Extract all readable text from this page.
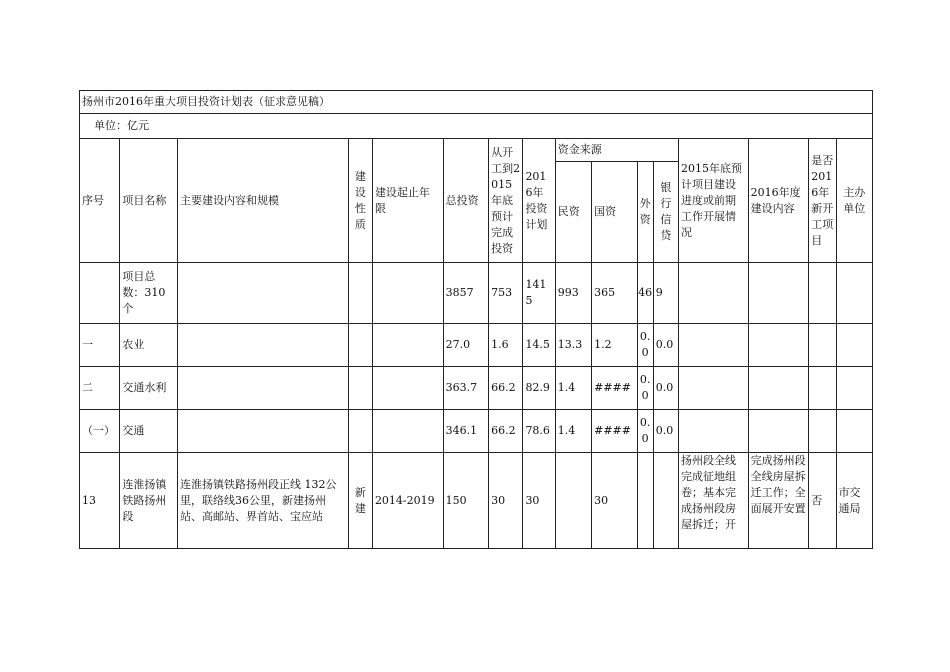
扬州市2016年重大项目投资计划表（征求意见稿）															
单位：亿元															
序号	项目名称	主要建设内容和规模	建设性质	建设起止年限	总投资	从开工到2015年底预计完成投资	2016年投资计划	资金来源				2015年底预计项目建设进度或前期工作开展情况	2016年度建设内容	是否2016年新开工项目	主办单位

								民资	国资	外资	银行信贷				

	项目总数：310个				3857	753	1415	993	365	46	9				
一	农业				27.0	1.6	14.5	13.3	1.2	0.0	0.0				
二	交通水利				363.7	66.2	82.9	1.4	####	0.0	0.0				
（一）	交通				346.1	66.2	78.6	1.4	####	0.0	0.0				
13	连淮扬镇铁路扬州段	连淮扬镇铁路扬州段正线 132公里，联络线36公里，新建扬州站、高邮站、界首站、宝应站	新建	2014-2019	150	30	30		30			扬州段全线完成征地组卷；基本完成扬州段房屋拆迁；开	完成扬州段全线房屋拆迁工作；全面展开安置	否	市交通局
